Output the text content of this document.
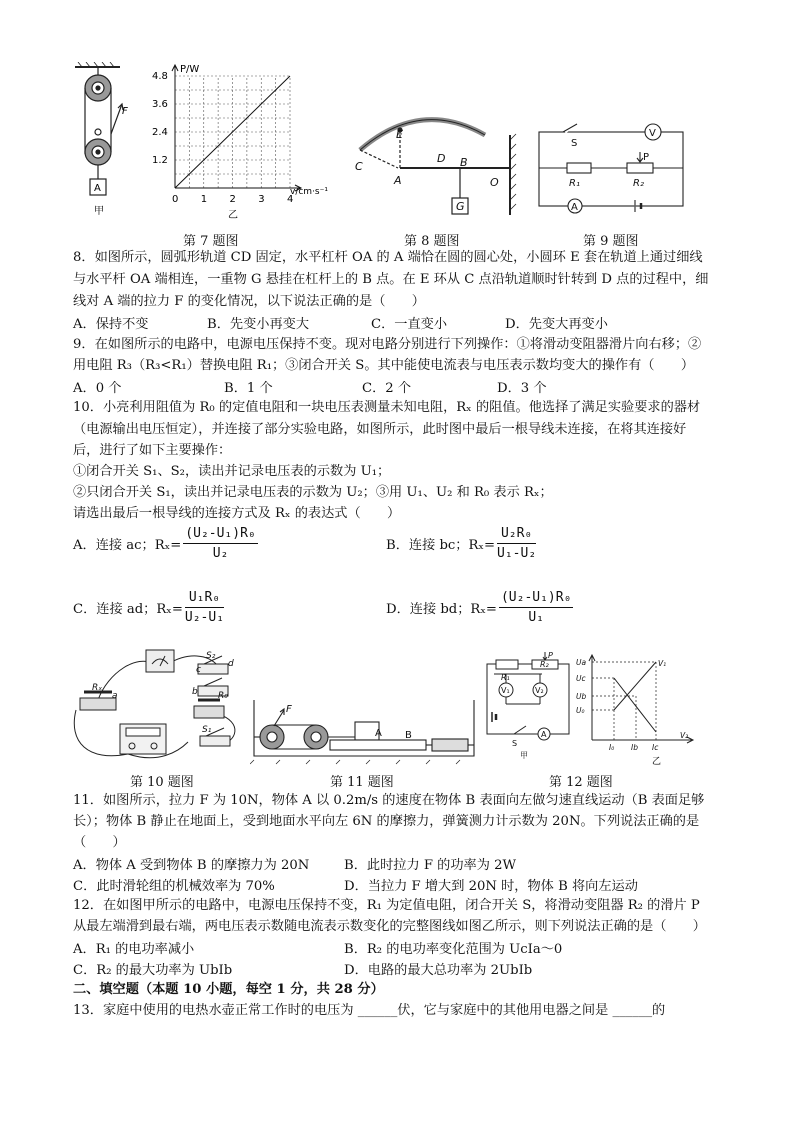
A
F
甲
4.8
3.6
2.4
1.2
0 1 2 3 4
P/W
v/cm·s⁻¹
乙
E
C
A
D B
O
G
V
S
P
R₁	R₂
A
第 7 题图	第 8 题图	第 9 题图
8．如图所示，圆弧形轨道 CD 固定，水平杠杆 OA 的 A 端恰在圆的圆心处，小圆环 E 套在轨道上通过细线
与水平杆 OA 端相连，一重物 G 悬挂在杠杆上的 B 点。在 E 环从 C 点沿轨道顺时针转到 D 点的过程中，细
线对 A 端的拉力 F 的变化情况，以下说法正确的是（　　）
A．保持不变	B．先变小再变大	C．一直变小	D．先变大再变小
9．在如图所示的电路中，电源电压保持不变。现对电路分别进行下列操作：①将滑动变阻器滑片向右移；②
用电阻 R₃（R₃<R₁）替换电阻 R₁；③闭合开关 S。其中能使电流表与电压表示数均变大的操作有（　　）
A．0 个	B．1 个	C．2 个	D．3 个
10．小亮利用阻值为 R₀ 的定值电阻和一块电压表测量未知电阻，Rₓ 的阻值。他选择了满足实验要求的器材
（电源输出电压恒定），并连接了部分实验电路，如图所示，此时图中最后一根导线未连接，在将其连接好
后，进行了如下主要操作：
①闭合开关 S₁、S₂，读出并记录电压表的示数为 U₁；
②只闭合开关 S₁，读出并记录电压表的示数为 U₂；③用 U₁、U₂ 和 R₀ 表示 Rₓ；
请选出最后一根导线的连接方式及 Rₓ 的表达式（　　）
A．连接 ac；$R_x= \frac{\text{(U₂-U₁)R₀}}{\text{U₂}}$	B．连接 bc；$R_x= \frac{\text{U₂R₀}}{\text{U₁-U₂}}$
C．连接 ad；$R_x= \frac{\text{U₁R₀}}{\text{U₂-U₁}}$	D．连接 bd；$R_x= \frac{\text{(U₂-U₁)R₀}}{\text{U₁}}$
S₂
c
d
Rₓ
a	b R₀
S₁
F
A B
R₁
P
R₂
V₁	V₂
S
A
甲
Ua
Uc
Ub
U₀
V₁
V₂
I₀ Ib Ic
乙
第 10 题图	第 11 题图	第 12 题图
11．如图所示，拉力 F 为 10N，物体 A 以 0.2m/s 的速度在物体 B 表面向左做匀速直线运动（B 表面足够
长）；物体 B 静止在地面上，受到地面水平向左 6N 的摩擦力，弹簧测力计示数为 20N。下列说法正确的是
（　　）
A．物体 A 受到物体 B 的摩擦力为 20N	B．此时拉力 F 的功率为 2W
C．此时滑轮组的机械效率为 70%	D．当拉力 F 增大到 20N 时，物体 B 将向左运动
12．在如图甲所示的电路中，电源电压保持不变，R₁ 为定值电阻，闭合开关 S，将滑动变阻器 R₂ 的滑片 P
从最左端滑到最右端，两电压表示数随电流表示数变化的完整图线如图乙所示，则下列说法正确的是（　　）
A．R₁ 的电功率减小	B．R₂ 的电功率变化范围为 UcIa～0
C．R₂ 的最大功率为 UbIb	D．电路的最大总功率为 2UbIb
二、填空题（本题 10 小题，每空 1 分，共 28 分）
13．家庭中使用的电热水壶正常工作时的电压为 ______伏，它与家庭中的其他用电器之间是 ______的
